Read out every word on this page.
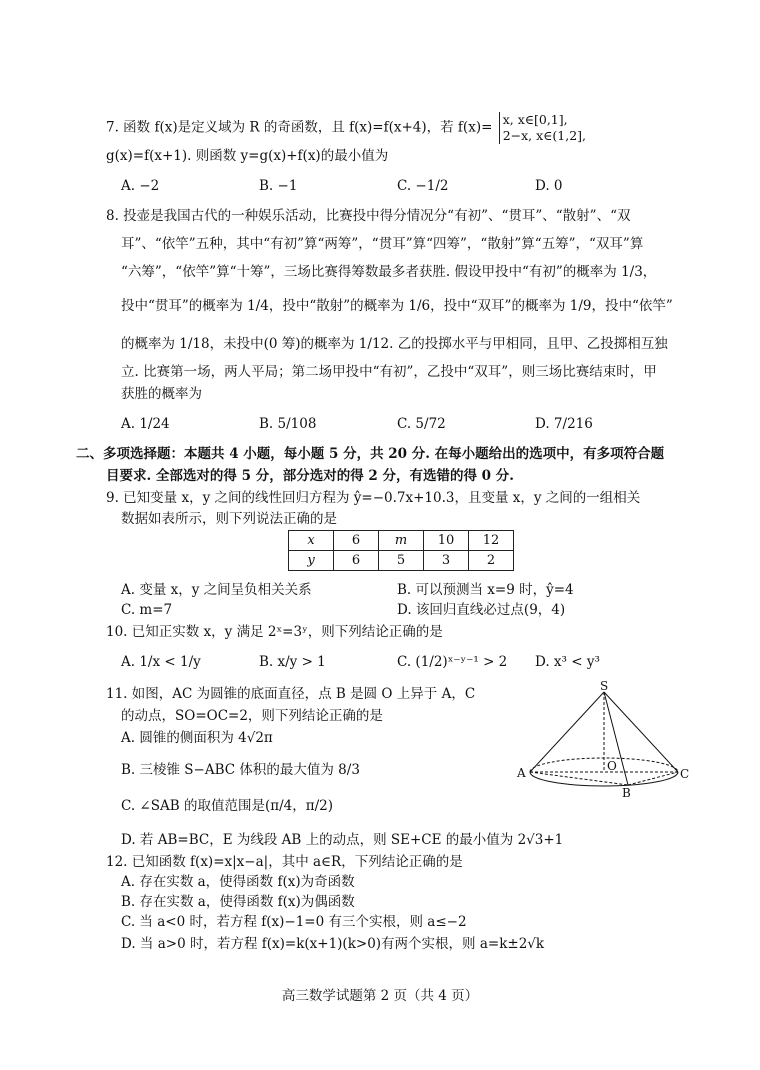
7. 函数 f(x)是定义域为 R 的奇函数，且 f(x)=f(x+4)，若 f(x)= x, x∈[0,1],
2−x, x∈(1,2],
g(x)=f(x+1). 则函数 y=g(x)+f(x)的最小值为
A. −2	B. −1	C. −1/2	D. 0
8. 投壶是我国古代的一种娱乐活动，比赛投中得分情况分“有初”、“贯耳”、“散射”、“双
耳”、“依竿”五种，其中“有初”算“两筹”，“贯耳”算“四筹”，“散射”算“五筹”，“双耳”算
“六筹”，“依竿”算“十筹”，三场比赛得筹数最多者获胜. 假设甲投中“有初”的概率为 1/3，
投中“贯耳”的概率为 1/4，投中“散射”的概率为 1/6，投中“双耳”的概率为 1/9，投中“依竿”
的概率为 1/18，未投中(0 筹)的概率为 1/12. 乙的投掷水平与甲相同，且甲、乙投掷相互独
立. 比赛第一场，两人平局；第二场甲投中“有初”，乙投中“双耳”，则三场比赛结束时，甲
获胜的概率为
A. 1/24	B. 5/108	C. 5/72	D. 7/216
二、多项选择题：本题共 4 小题，每小题 5 分，共 20 分. 在每小题给出的选项中，有多项符合题
目要求. 全部选对的得 5 分，部分选对的得 2 分，有选错的得 0 分.
9. 已知变量 x，y 之间的线性回归方程为 ŷ=−0.7x+10.3，且变量 x，y 之间的一组相关
数据如表所示，则下列说法正确的是
x	6	m	10	12
y	6	5	3	2
A. 变量 x，y 之间呈负相关关系	B. 可以预测当 x=9 时，ŷ=4
C. m=7	D. 该回归直线必过点(9，4)
10. 已知正实数 x，y 满足 2ˣ=3ʸ，则下列结论正确的是
A. 1/x < 1/y	B. x/y > 1	C. (1/2)ˣ⁻ʸ⁻¹ > 2 D. x³ < y³
11. 如图，AC 为圆锥的底面直径，点 B 是圆 O 上异于 A，C
的动点，SO=OC=2，则下列结论正确的是
A. 圆锥的侧面积为 4√2π
B. 三棱锥 S−ABC 体积的最大值为 8/3
C. ∠SAB 的取值范围是(π/4，π/2)
D. 若 AB=BC，E 为线段 AB 上的动点，则 SE+CE 的最小值为 2√3+1
S
A
B
C
O
12. 已知函数 f(x)=x|x−a|，其中 a∈R，下列结论正确的是
A. 存在实数 a，使得函数 f(x)为奇函数
B. 存在实数 a，使得函数 f(x)为偶函数
C. 当 a<0 时，若方程 f(x)−1=0 有三个实根，则 a≤−2
D. 当 a>0 时，若方程 f(x)=k(x+1)(k>0)有两个实根，则 a=k±2√k
高三数学试题第 2 页（共 4 页）
